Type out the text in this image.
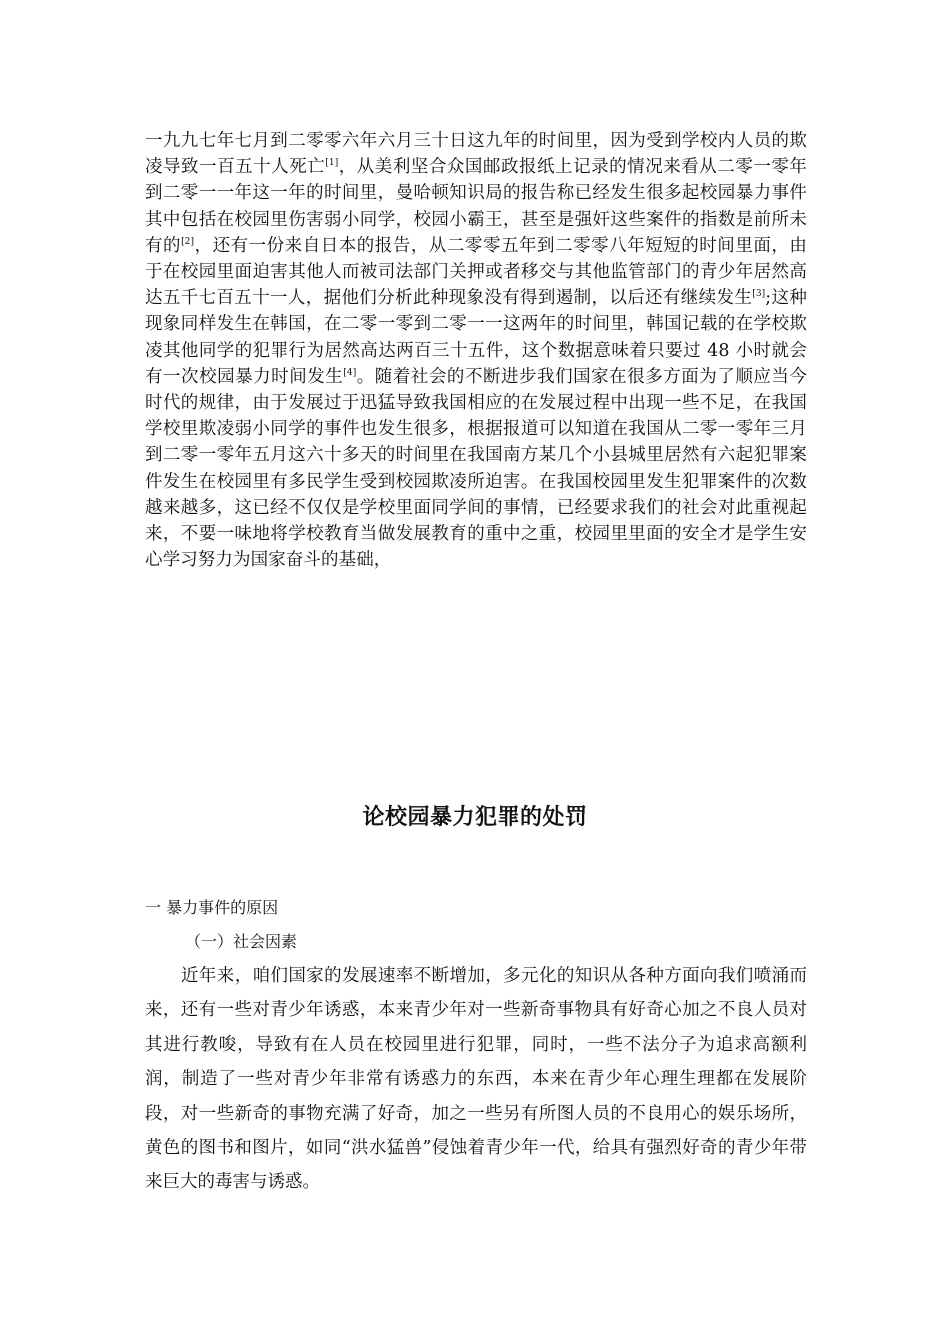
一九九七年七月到二零零六年六月三十日这九年的时间里，因为受到学校内人员的欺凌导致一百五十人死亡[1]，从美利坚合众国邮政报纸上记录的情况来看从二零一零年到二零一一年这一年的时间里，曼哈顿知识局的报告称已经发生很多起校园暴力事件其中包括在校园里伤害弱小同学，校园小霸王，甚至是强奸这些案件的指数是前所未有的[2]，还有一份来自日本的报告，从二零零五年到二零零八年短短的时间里面，由于在校园里面迫害其他人而被司法部门关押或者移交与其他监管部门的青少年居然高达五千七百五十一人，据他们分析此种现象没有得到遏制，以后还有继续发生[3];这种现象同样发生在韩国，在二零一零到二零一一这两年的时间里，韩国记载的在学校欺凌其他同学的犯罪行为居然高达两百三十五件，这个数据意味着只要过 48 小时就会有一次校园暴力时间发生[4]。随着社会的不断进步我们国家在很多方面为了顺应当今时代的规律，由于发展过于迅猛导致我国相应的在发展过程中出现一些不足，在我国学校里欺凌弱小同学的事件也发生很多，根据报道可以知道在我国从二零一零年三月到二零一零年五月这六十多天的时间里在我国南方某几个小县城里居然有六起犯罪案件发生在校园里有多民学生受到校园欺凌所迫害。在我国校园里发生犯罪案件的次数越来越多，这已经不仅仅是学校里面同学间的事情，已经要求我们的社会对此重视起来，不要一味地将学校教育当做发展教育的重中之重，校园里里面的安全才是学生安心学习努力为国家奋斗的基础，
论校园暴力犯罪的处罚
一 暴力事件的原因
（一）社会因素
近年来，咱们国家的发展速率不断增加，多元化的知识从各种方面向我们喷涌而来，还有一些对青少年诱惑，本来青少年对一些新奇事物具有好奇心加之不良人员对其进行教唆，导致有在人员在校园里进行犯罪，同时，一些不法分子为追求高额利润，制造了一些对青少年非常有诱惑力的东西，本来在青少年心理生理都在发展阶段，对一些新奇的事物充满了好奇，加之一些另有所图人员的不良用心的娱乐场所，黄色的图书和图片，如同“洪水猛兽”侵蚀着青少年一代，给具有强烈好奇的青少年带来巨大的毒害与诱惑。
